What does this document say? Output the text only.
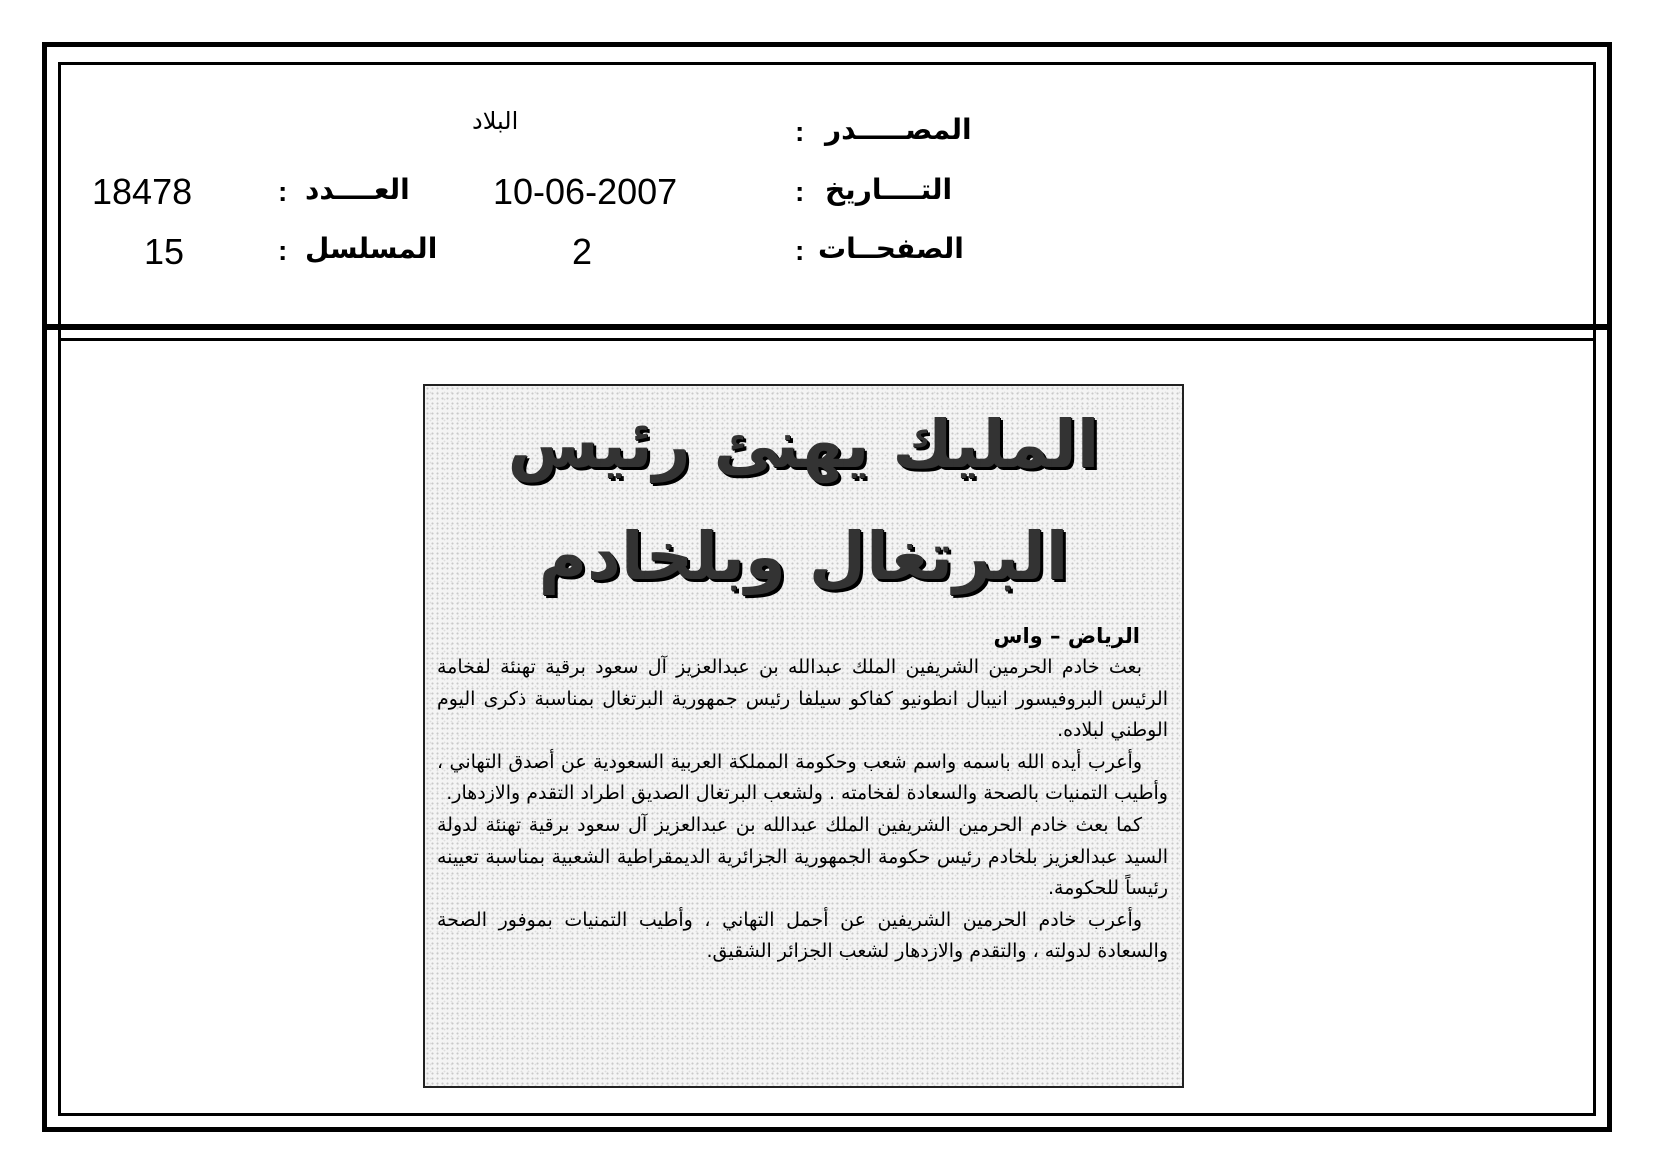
المصـــــدر
:
البلاد
التــــاريخ
:
10-06-2007
العــــدد
:
18478
الصفحــات
:
2
المسلسل
:
15
المليك يهنئ رئيس
البرتغال وبلخادم
الرياض – واس

بعث خادم الحرمين الشريفين الملك عبدالله بن عبدالعزيز آل سعود برقية تهنئة لفخامة الرئيس البروفيسور انيبال انطونيو كفاكو سيلفا رئيس جمهورية البرتغال بمناسبة ذكرى اليوم الوطني لبلاده.

وأعرب أيده الله باسمه واسم شعب وحكومة المملكة العربية السعودية عن أصدق التهاني ، وأطيب التمنيات بالصحة والسعادة لفخامته . ولشعب البرتغال الصديق اطراد التقدم والازدهار.

كما بعث خادم الحرمين الشريفين الملك عبدالله بن عبدالعزيز آل سعود برقية تهنئة لدولة السيد عبدالعزيز بلخادم رئيس حكومة الجمهورية الجزائرية الديمقراطية الشعبية بمناسبة تعيينه رئيساً للحكومة.

وأعرب خادم الحرمين الشريفين عن أجمل التهاني ، وأطيب التمنيات بموفور الصحة والسعادة لدولته ، والتقدم والازدهار لشعب الجزائر الشقيق.
